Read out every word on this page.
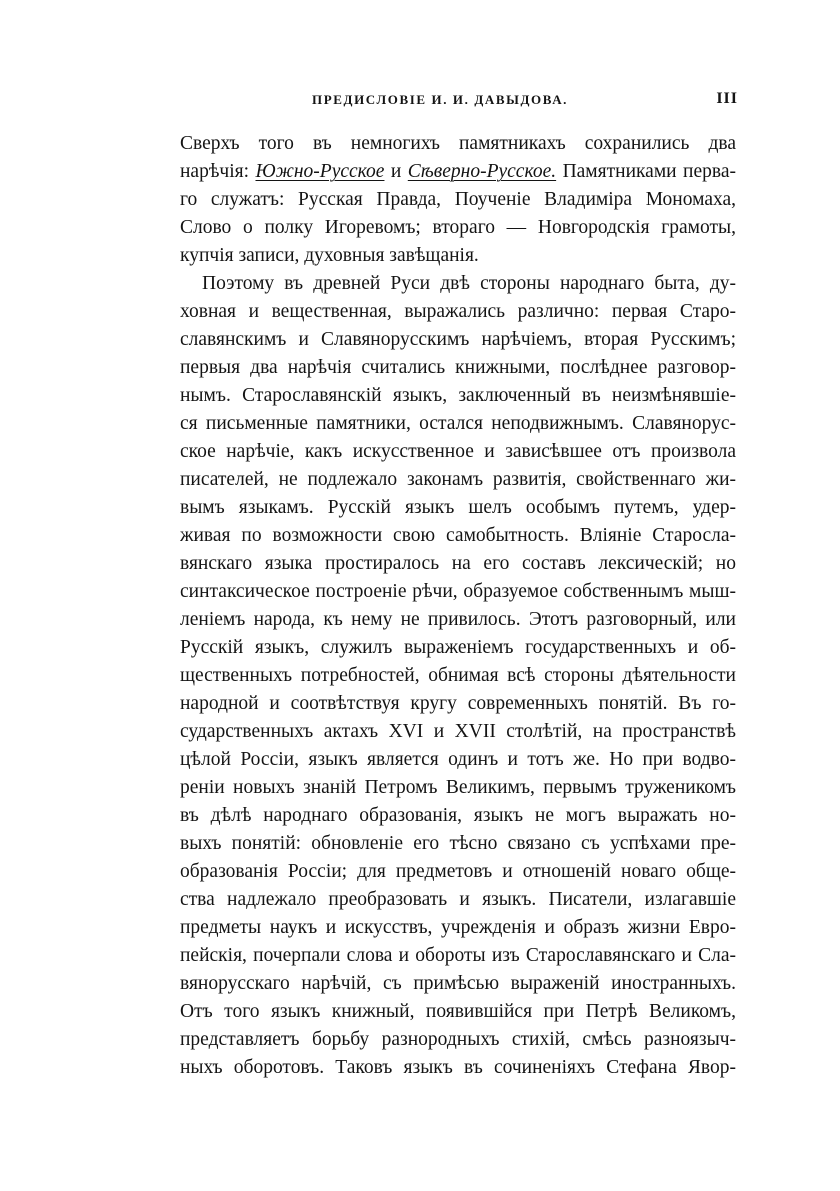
ПРЕДИСЛОВІЕ И. И. ДАВЫДОВА.	III
Сверхъ того въ немногихъ памятникахъ сохранились два
нарѣчія: Южно-Русское и Сѣверно-Русское. Памятниками перва-
го служатъ: Русская Правда, Поученіе Владиміра Мономаха,
Слово о полку Игоревомъ; втораго — Новгородскія грамоты,
купчія записи, духовныя завѣщанія.
Поэтому въ древней Руси двѣ стороны народнаго быта, ду-
ховная и вещественная, выражались различно: первая Старо-
славянскимъ и Славянорусскимъ нарѣчіемъ, вторая Русскимъ;
первыя два нарѣчія считались книжными, послѣднее разговор-
нымъ. Старославянскій языкъ, заключенный въ неизмѣнявшіе-
ся письменные памятники, остался неподвижнымъ. Славянорус-
ское нарѣчіе, какъ искусственное и зависѣвшее отъ произвола
писателей, не подлежало законамъ развитія, свойственнаго жи-
вымъ языкамъ. Русскій языкъ шелъ особымъ путемъ, удер-
живая по возможности свою самобытность. Вліяніе Старосла-
вянскаго языка простиралось на его составъ лексическій; но
синтаксическое построеніе рѣчи, образуемое собственнымъ мыш-
леніемъ народа, къ нему не привилось. Этотъ разговорный, или
Русскій языкъ, служилъ выраженіемъ государственныхъ и об-
щественныхъ потребностей, обнимая всѣ стороны дѣятельности
народной и соотвѣтствуя кругу современныхъ понятій. Въ го-
сударственныхъ актахъ XVI и XVII столѣтій, на пространствѣ
цѣлой Россіи, языкъ является одинъ и тотъ же. Но при водво-
реніи новыхъ знаній Петромъ Великимъ, первымъ труженикомъ
въ дѣлѣ народнаго образованія, языкъ не могъ выражать но-
выхъ понятій: обновленіе его тѣсно связано съ успѣхами пре-
образованія Россіи; для предметовъ и отношеній новаго обще-
ства надлежало преобразовать и языкъ. Писатели, излагавшіе
предметы наукъ и искусствъ, учрежденія и образъ жизни Евро-
пейскія, почерпали слова и обороты изъ Старославянскаго и Сла-
вянорусскаго нарѣчій, съ примѣсью выраженій иностранныхъ.
Отъ того языкъ книжный, появившійся при Петрѣ Великомъ,
представляетъ борьбу разнородныхъ стихій, смѣсь разноязыч-
ныхъ оборотовъ. Таковъ языкъ въ сочиненіяхъ Стефана Явор-
